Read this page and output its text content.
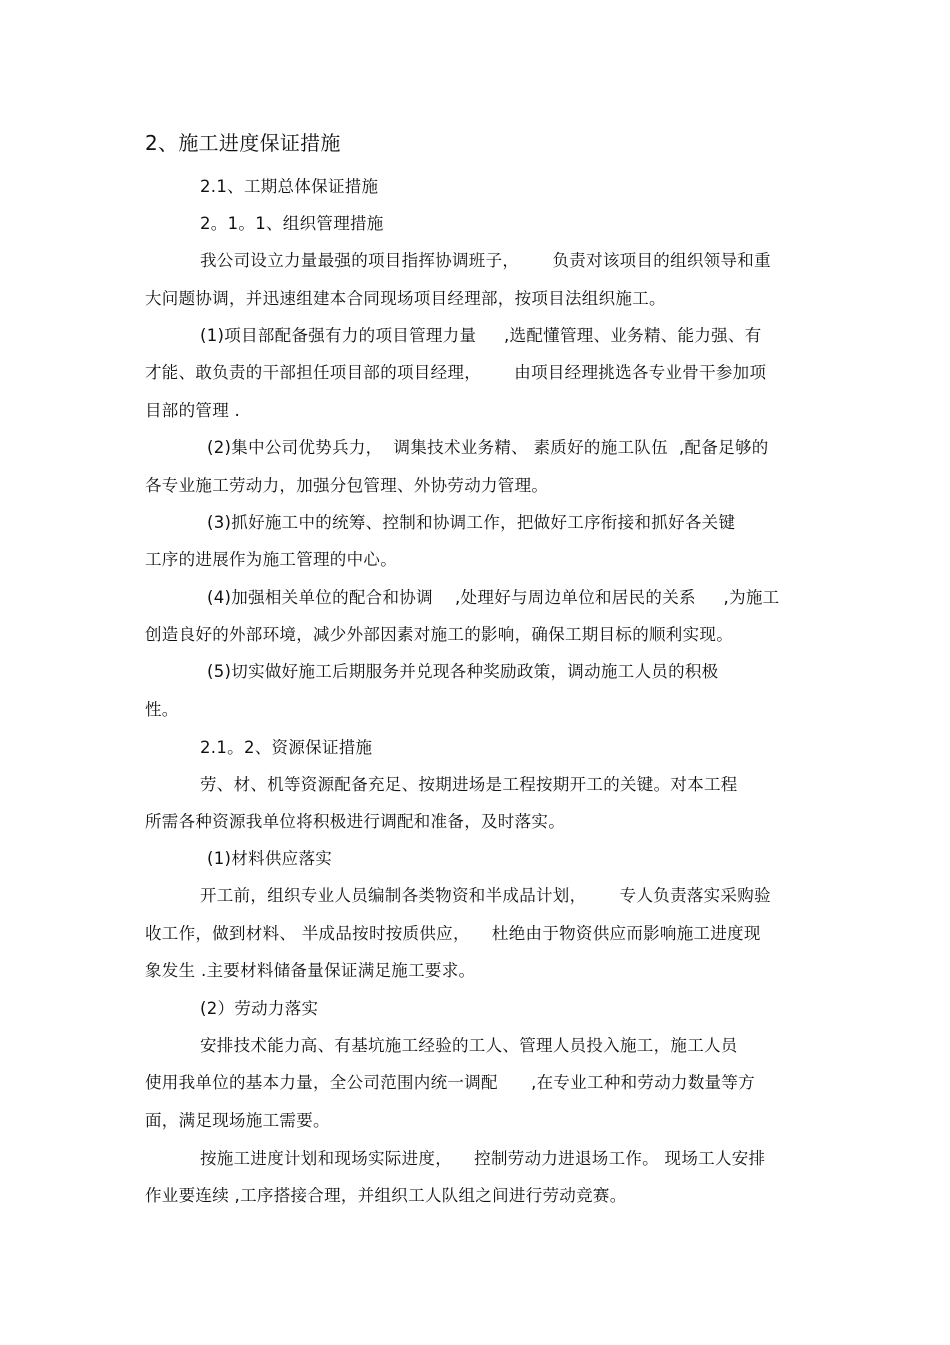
2、施工进度保证措施
2.1、工期总体保证措施
2。1。1、组织管理措施
我公司设立力量最强的项目指挥协调班子，      负责对该项目的组织领导和重
大问题协调，并迅速组建本合同现场项目经理部，按项目法组织施工。
(1)项目部配备强有力的项目管理力量     ,选配懂管理、业务精、能力强、有
才能、敢负责的干部担任项目部的项目经理，      由项目经理挑选各专业骨干参加项
目部的管理 .
(2)集中公司优势兵力，  调集技术业务精、 素质好的施工队伍  ,配备足够的
各专业施工劳动力，加强分包管理、外协劳动力管理。
(3)抓好施工中的统筹、控制和协调工作，把做好工序衔接和抓好各关键
工序的进展作为施工管理的中心。
(4)加强相关单位的配合和协调    ,处理好与周边单位和居民的关系     ,为施工
创造良好的外部环境，减少外部因素对施工的影响，确保工期目标的顺利实现。
(5)切实做好施工后期服务并兑现各种奖励政策，调动施工人员的积极
性。
2.1。2、资源保证措施
劳、材、机等资源配备充足、按期进场是工程按期开工的关键。对本工程
所需各种资源我单位将积极进行调配和准备，及时落实。
(1)材料供应落实
开工前，组织专业人员编制各类物资和半成品计划，      专人负责落实采购验
收工作，做到材料、 半成品按时按质供应，    杜绝由于物资供应而影响施工进度现
象发生 .主要材料储备量保证满足施工要求。
(2）劳动力落实
安排技术能力高、有基坑施工经验的工人、管理人员投入施工，施工人员
使用我单位的基本力量，全公司范围内统一调配      ,在专业工种和劳动力数量等方
面，满足现场施工需要。
按施工进度计划和现场实际进度，    控制劳动力进退场工作。 现场工人安排
作业要连续 ,工序搭接合理，并组织工人队组之间进行劳动竞赛。
